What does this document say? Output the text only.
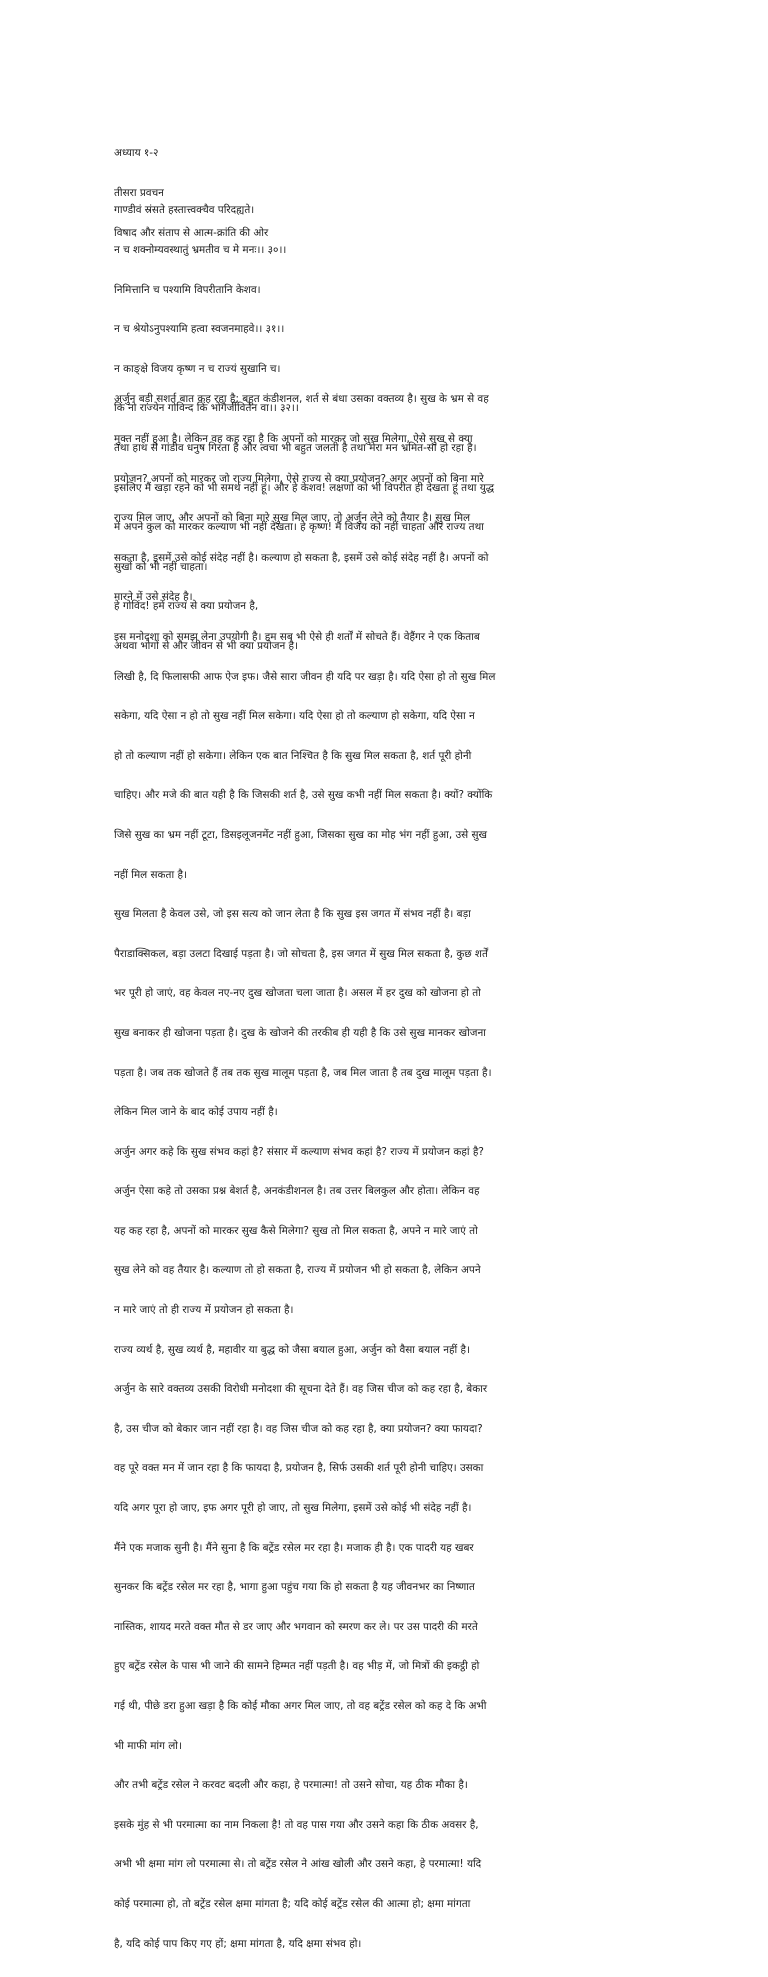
अध्याय १-२

तीसरा प्रवचन

विषाद और संताप से आत्म-क्रांति की ओर

गाण्डीवं स्रंसते हस्तात्त्वक्चैव परिदह्यते।

न च शक्नोम्यवस्थातुं भ्रमतीव च मे मनः।। ३०।।

निमित्तानि च पश्यामि विपरीतानि केशव।

न च श्रेयोऽनुपश्यामि हत्वा स्वजनमाहवे।। ३१।।

न काङ्क्षे विजय कृष्ण न च राज्यं सुखानि च।

किं नो राज्येन गोविन्द किं भोगैर्जीवितेन वा।। ३२।।

तथा हाथ से गांडीव धनुष गिरता है और त्वचा भी बहुत जलती है तथा मेरा मन भ्रमित-सा हो रहा है।

इसलिए मैं खड़ा रहने को भी समर्थ नहीं हूं। और हे केशव! लक्षणों को भी विपरीत ही देखता हूं तथा युद्ध

में अपने कुल को मारकर कल्याण भी नहीं देखता। हे कृष्ण! मैं विजय को नहीं चाहता और राज्य तथा

सुखों को भी नहीं चाहता।

हे गोविंद! हमें राज्य से क्या प्रयोजन है,

अथवा भोगों से और जीवन से भी क्या प्रयोजन है।

अर्जुन बड़ी सशर्त बात कह रहा है; बहुत कंडीशनल, शर्त से बंधा उसका वक्तव्य है। सुख के भ्रम से वह

मुक्त नहीं हुआ है। लेकिन वह कह रहा है कि अपनों को मारकर जो सुख मिलेगा, ऐसे सुख से क्या

प्रयोजन? अपनों को मारकर जो राज्य मिलेगा, ऐसे राज्य से क्या प्रयोजन? अगर अपनों को बिना मारे

राज्य मिल जाए, और अपनों को बिना मारे सुख मिल जाए, तो अर्जुन लेने को तैयार है। सुख मिल

सकता है, इसमें उसे कोई संदेह नहीं है। कल्याण हो सकता है, इसमें उसे कोई संदेह नहीं है। अपनों को

मारने में उसे संदेह है।

इस मनोदशा को समझ लेना उपयोगी है। हम सब भी ऐसे ही शर्तों में सोचते हैं। वेहैंगर ने एक किताब

लिखी है, दि फिलासफी आफ ऐज इफ। जैसे सारा जीवन ही यदि पर खड़ा है। यदि ऐसा हो तो सुख मिल

सकेगा, यदि ऐसा न हो तो सुख नहीं मिल सकेगा। यदि ऐसा हो तो कल्याण हो सकेगा, यदि ऐसा न

हो तो कल्याण नहीं हो सकेगा। लेकिन एक बात निश्चित है कि सुख मिल सकता है, शर्त पूरी होनी

चाहिए। और मजे की बात यही है कि जिसकी शर्त है, उसे सुख कभी नहीं मिल सकता है। क्यों? क्योंकि

जिसे सुख का भ्रम नहीं टूटा, डिसइलूजनमेंट नहीं हुआ, जिसका सुख का मोह भंग नहीं हुआ, उसे सुख

नहीं मिल सकता है।

सुख मिलता है केवल उसे, जो इस सत्य को जान लेता है कि सुख इस जगत में संभव नहीं है। बड़ा

पैराडाक्सिकल, बड़ा उलटा दिखाई पड़ता है। जो सोचता है, इस जगत में सुख मिल सकता है, कुछ शर्तें

भर पूरी हो जाएं, वह केवल नए-नए दुख खोजता चला जाता है। असल में हर दुख को खोजना हो तो

सुख बनाकर ही खोजना पड़ता है। दुख के खोजने की तरकीब ही यही है कि उसे सुख मानकर खोजना

पड़ता है। जब तक खोजते हैं तब तक सुख मालूम पड़ता है, जब मिल जाता है तब दुख मालूम पड़ता है।

लेकिन मिल जाने के बाद कोई उपाय नहीं है।

अर्जुन अगर कहे कि सुख संभव कहां है? संसार में कल्याण संभव कहां है? राज्य में प्रयोजन कहां है?

अर्जुन ऐसा कहे तो उसका प्रश्न बेशर्त है, अनकंडीशनल है। तब उत्तर बिलकुल और होता। लेकिन वह

यह कह रहा है, अपनों को मारकर सुख कैसे मिलेगा? सुख तो मिल सकता है, अपने न मारे जाएं तो

सुख लेने को वह तैयार है। कल्याण तो हो सकता है, राज्य में प्रयोजन भी हो सकता है, लेकिन अपने

न मारे जाएं तो ही राज्य में प्रयोजन हो सकता है।

राज्य व्यर्थ है, सुख व्यर्थ है, महावीर या बुद्ध को जैसा बयाल हुआ, अर्जुन को वैसा बयाल नहीं है।

अर्जुन के सारे वक्तव्य उसकी विरोधी मनोदशा की सूचना देते हैं। वह जिस चीज को कह रहा है, बेकार

है, उस चीज को बेकार जान नहीं रहा है। वह जिस चीज को कह रहा है, क्या प्रयोजन? क्या फायदा?

वह पूरे वक्त मन में जान रहा है कि फायदा है, प्रयोजन है, सिर्फ उसकी शर्त पूरी होनी चाहिए। उसका

यदि अगर पूरा हो जाए, इफ अगर पूरी हो जाए, तो सुख मिलेगा, इसमें उसे कोई भी संदेह नहीं है।

मैंने एक मजाक सुनी है। मैंने सुना है कि बट्रेंड रसेल मर रहा है। मजाक ही है। एक पादरी यह खबर

सुनकर कि बट्रेंड रसेल मर रहा है, भागा हुआ पहुंच गया कि हो सकता है यह जीवनभर का निष्णात

नास्तिक, शायद मरते वक्त मौत से डर जाए और भगवान को स्मरण कर ले। पर उस पादरी की मरते

हुए बट्रेंड रसेल के पास भी जाने की सामने हिम्मत नहीं पड़ती है। वह भीड़ में, जो मित्रों की इकट्ठी हो

गई थी, पीछे डरा हुआ खड़ा है कि कोई मौका अगर मिल जाए, तो वह बट्रेंड रसेल को कह दे कि अभी

भी माफी मांग लो।

और तभी बट्रेंड रसेल ने करवट बदली और कहा, हे परमात्मा! तो उसने सोचा, यह ठीक मौका है।

इसके मुंह से भी परमात्मा का नाम निकला है! तो वह पास गया और उसने कहा कि ठीक अवसर है,

अभी भी क्षमा मांग लो परमात्मा से। तो बट्रेंड रसेल ने आंख खोली और उसने कहा, हे परमात्मा! यदि

कोई परमात्मा हो, तो बट्रेंड रसेल क्षमा मांगता है; यदि कोई बट्रेंड रसेल की आत्मा हो; क्षमा मांगता

है, यदि कोई पाप किए गए हों; क्षमा मांगता है, यदि क्षमा संभव हो।
